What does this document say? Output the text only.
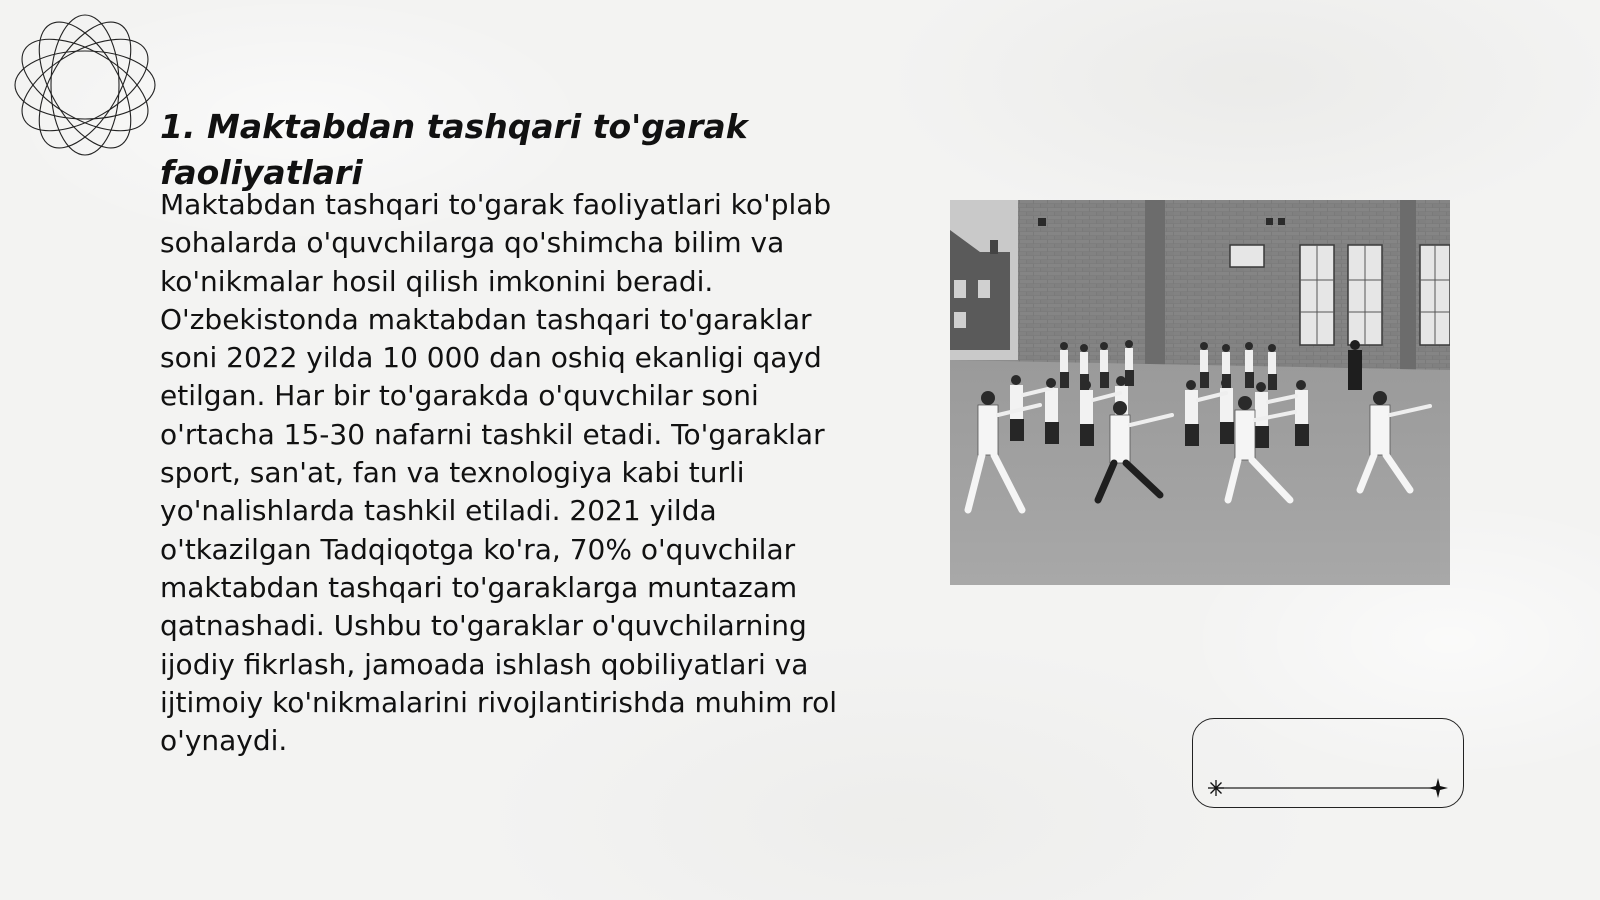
1. Maktabdan tashqari to'garak faoliyatlari

Maktabdan tashqari to'garak faoliyatlari ko'plab sohalarda o'quvchilarga qo'shimcha bilim va ko'nikmalar hosil qilish imkonini beradi. O'zbekistonda maktabdan tashqari to'garaklar soni 2022 yilda 10 000 dan oshiq ekanligi qayd etilgan. Har bir to'garakda o'quvchilar soni o'rtacha 15-30 nafarni tashkil etadi. To'garaklar sport, san'at, fan va texnologiya kabi turli yo'nalishlarda tashkil etiladi. 2021 yilda o'tkazilgan Tadqiqotga ko'ra, 70% o'quvchilar maktabdan tashqari to'garaklarga muntazam qatnashadi. Ushbu to'garaklar o'quvchilarning ijodiy fikrlash, jamoada ishlash qobiliyatlari va ijtimoiy ko'nikmalarini rivojlantirishda muhim rol o'ynaydi.
